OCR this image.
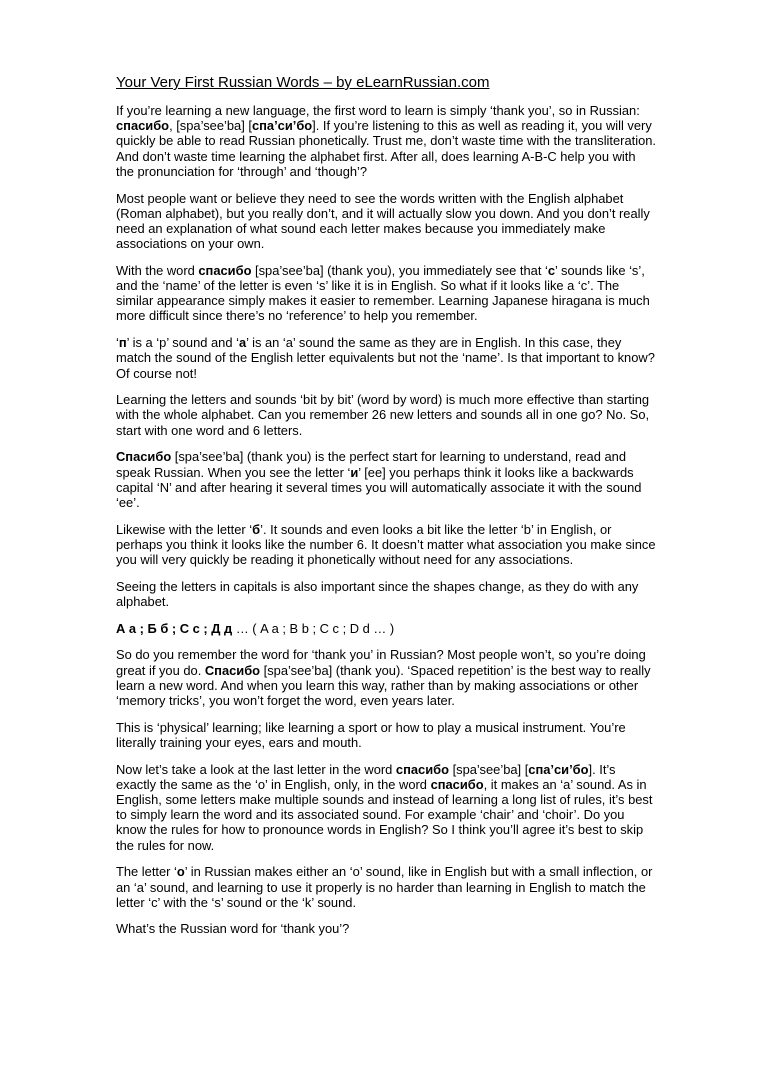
Your Very First Russian Words – by eLearnRussian.com

If you’re learning a new language, the first word to learn is simply ‘thank you’, so in Russian: спасибо, [spa’see’ba] [спа’си’бо]. If you’re listening to this as well as reading it, you will very quickly be able to read Russian phonetically. Trust me, don’t waste time with the transliteration. And don’t waste time learning the alphabet first. After all, does learning A-B-C help you with the pronunciation for ‘through’ and ‘though’?

Most people want or believe they need to see the words written with the English alphabet (Roman alphabet), but you really don’t, and it will actually slow you down. And you don’t really need an explanation of what sound each letter makes because you immediately make associations on your own.

With the word спасибо [spa’see’ba] (thank you), you immediately see that ‘с’ sounds like ‘s’, and the ‘name’ of the letter is even ‘s’ like it is in English. So what if it looks like a ‘c’. The similar appearance simply makes it easier to remember. Learning Japanese hiragana is much more difficult since there’s no ‘reference’ to help you remember.

‘п’ is a ‘p’ sound and ‘а’ is an ‘a’ sound the same as they are in English. In this case, they match the sound of the English letter equivalents but not the ‘name’. Is that important to know? Of course not!

Learning the letters and sounds ‘bit by bit’ (word by word) is much more effective than starting with the whole alphabet. Can you remember 26 new letters and sounds all in one go? No. So, start with one word and 6 letters.

Спасибо [spa’see’ba] (thank you) is the perfect start for learning to understand, read and speak Russian. When you see the letter ‘и’ [ee] you perhaps think it looks like a backwards capital ‘N’ and after hearing it several times you will automatically associate it with the sound ‘ee’.

Likewise with the letter ‘б’. It sounds and even looks a bit like the letter ‘b’ in English, or perhaps you think it looks like the number 6. It doesn’t matter what association you make since you will very quickly be reading it phonetically without need for any associations.

Seeing the letters in capitals is also important since the shapes change, as they do with any alphabet.

А а ; Б б ; С с ; Д д … ( A a ; B b ; C c ; D d … )

So do you remember the word for ‘thank you’ in Russian? Most people won’t, so you’re doing great if you do. Спасибо [spa’see’ba] (thank you). ‘Spaced repetition’ is the best way to really learn a new word. And when you learn this way, rather than by making associations or other ‘memory tricks’, you won’t forget the word, even years later.

This is ‘physical’ learning; like learning a sport or how to play a musical instrument. You’re literally training your eyes, ears and mouth.

Now let’s take a look at the last letter in the word спасибо [spa’see’ba] [спа’си’бо]. It’s exactly the same as the ‘o’ in English, only, in the word спасибо, it makes an ‘a’ sound. As in English, some letters make multiple sounds and instead of learning a long list of rules, it’s best to simply learn the word and its associated sound. For example ‘chair’ and ‘choir’. Do you know the rules for how to pronounce words in English? So I think you’ll agree it’s best to skip the rules for now.

The letter ‘о’ in Russian makes either an ‘o’ sound, like in English but with a small inflection, or an ‘a’ sound, and learning to use it properly is no harder than learning in English to match the letter ‘c’ with the ‘s’ sound or the ‘k’ sound.

What’s the Russian word for ‘thank you’?
